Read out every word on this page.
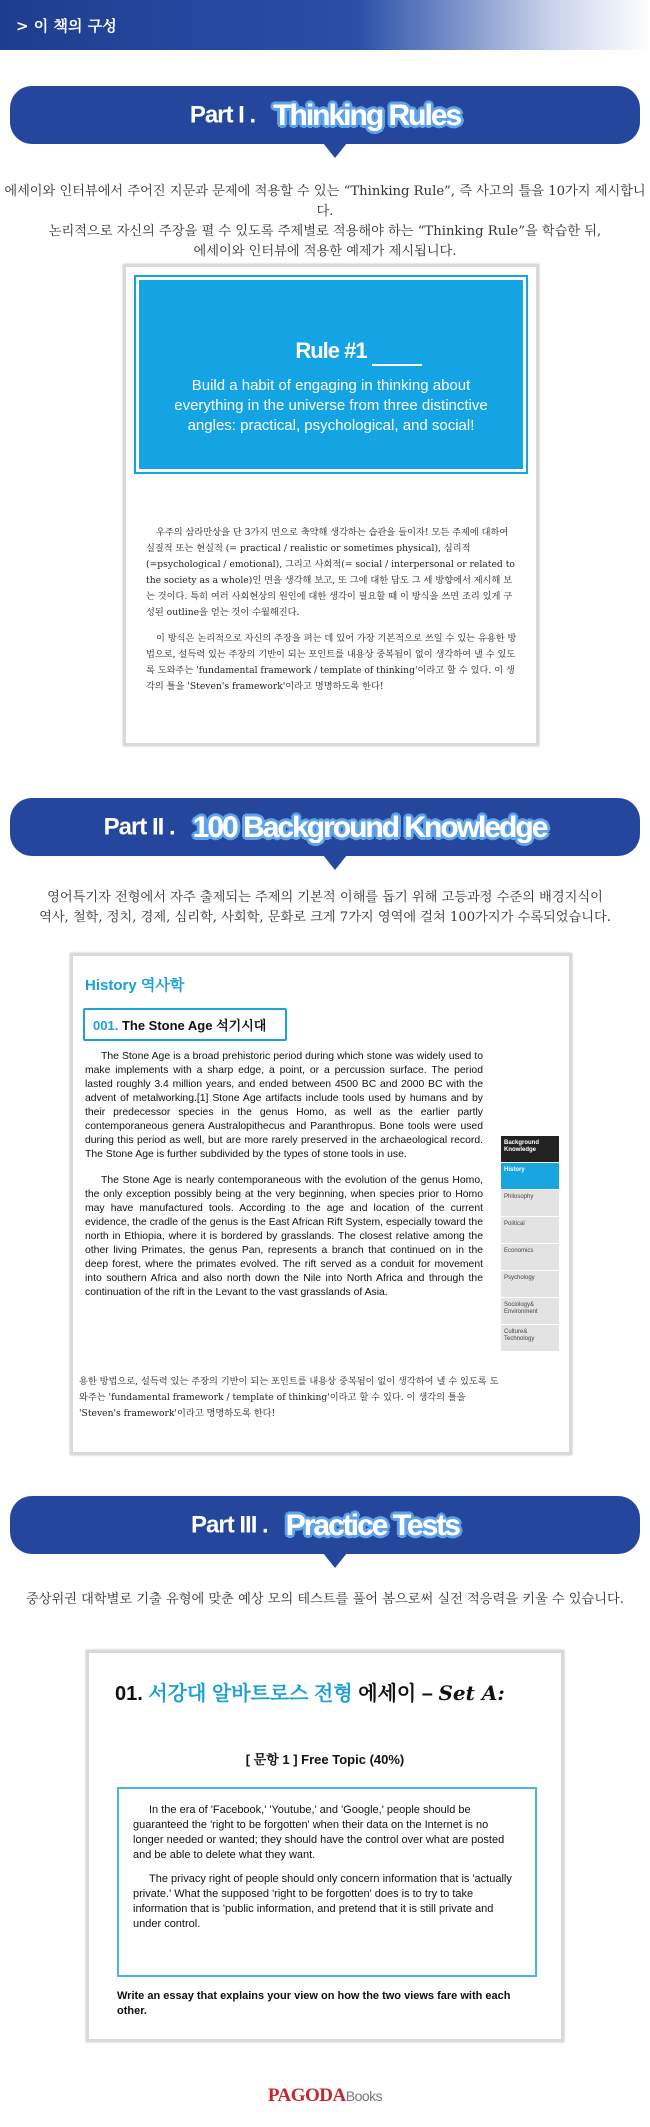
> 이 책의 구성
Part I . Thinking Rules
에세이와 인터뷰에서 주어진 지문과 문제에 적용할 수 있는 “Thinking Rule”, 즉 사고의 틀을 10가지 제시합니다.
논리적으로 자신의 주장을 펼 수 있도록 주제별로 적용해야 하는 “Thinking Rule”을 학습한 뒤,
에세이와 인터뷰에 적용한 예제가 제시됩니다.
Rule #1
Build a habit of engaging in thinking about everything in the universe from three distinctive angles: practical, psychological, and social!

우주의 삼라만상을 단 3가지 면으로 축약해 생각하는 습관을 들이자! 모든 주제에 대하여 실질적 또는 현실적 (= practical / realistic or sometimes physical), 심리적 (=psychological / emotional), 그리고 사회적(= social / interpersonal or related to the society as a whole)인 면을 생각해 보고, 또 그에 대한 답도 그 세 방향에서 제시해 보는 것이다. 특히 여러 사회현상의 원인에 대한 생각이 필요할 때 이 방식을 쓰면 조리 있게 구성된 outline을 얻는 것이 수월해진다.

이 방식은 논리적으로 자신의 주장을 펴는 데 있어 가장 기본적으로 쓰일 수 있는 유용한 방법으로, 설득력 있는 주장의 기반이 되는 포인트를 내용상 중복됨이 없이 생각하여 낼 수 있도록 도와주는 'fundamental framework / template of thinking'이라고 할 수 있다. 이 생각의 틀을 'Steven's framework'이라고 명명하도록 한다!

Part II . 100 Background Knowledge
영어특기자 전형에서 자주 출제되는 주제의 기본적 이해를 돕기 위해 고등과정 수준의 배경지식이
역사, 철학, 정치, 경제, 심리학, 사회학, 문화로 크게 7가지 영역에 걸쳐 100가지가 수록되었습니다.
History 역사학
001. The Stone Age 석기시대

The Stone Age is a broad prehistoric period during which stone was widely used to make implements with a sharp edge, a point, or a percussion surface. The period lasted roughly 3.4 million years, and ended between 4500 BC and 2000 BC with the advent of metalworking.[1] Stone Age artifacts include tools used by humans and by their predecessor species in the genus Homo, as well as the earlier partly contemporaneous genera Australopithecus and Paranthropus. Bone tools were used during this period as well, but are more rarely preserved in the archaeological record. The Stone Age is further subdivided by the types of stone tools in use.

The Stone Age is nearly contemporaneous with the evolution of the genus Homo, the only exception possibly being at the very beginning, when species prior to Homo may have manufactured tools. According to the age and location of the current evidence, the cradle of the genus is the East African Rift System, especially toward the north in Ethiopia, where it is bordered by grasslands. The closest relative among the other living Primates, the genus Pan, represents a branch that continued on in the deep forest, where the primates evolved. The rift served as a conduit for movement into southern Africa and also north down the Nile into North Africa and through the continuation of the rift in the Levant to the vast grasslands of Asia.

Background Knowledge
History
Philosophy
Political
Economics
Psychology
Sociology& Environment
Culture& Technology

용한 방법으로, 설득력 있는 주장의 기반이 되는 포인트를 내용상 중복됨이 없이 생각하여 낼 수 있도록 도와주는 'fundamental framework / template of thinking'이라고 할 수 있다. 이 생각의 틀을 'Steven's framework'이라고 명명하도록 한다!

Part III . Practice Tests
중상위권 대학별로 기출 유형에 맞춘 예상 모의 테스트를 풀어 봄으로써 실전 적응력을 키울 수 있습니다.
01. 서강대 알바트로스 전형 에세이 – Set A:
[ 문항 1 ] Free Topic (40%)

In the era of 'Facebook,' 'Youtube,' and 'Google,' people should be guaranteed the 'right to be forgotten' when their data on the Internet is no longer needed or wanted; they should have the control over what are posted and be able to delete what they want.

The privacy right of people should only concern information that is 'actually private.' What the supposed 'right to be forgotten' does is to try to take information that is 'public information, and pretend that it is still private and under control.

Write an essay that explains your view on how the two views fare with each other.
PAGODABooks
